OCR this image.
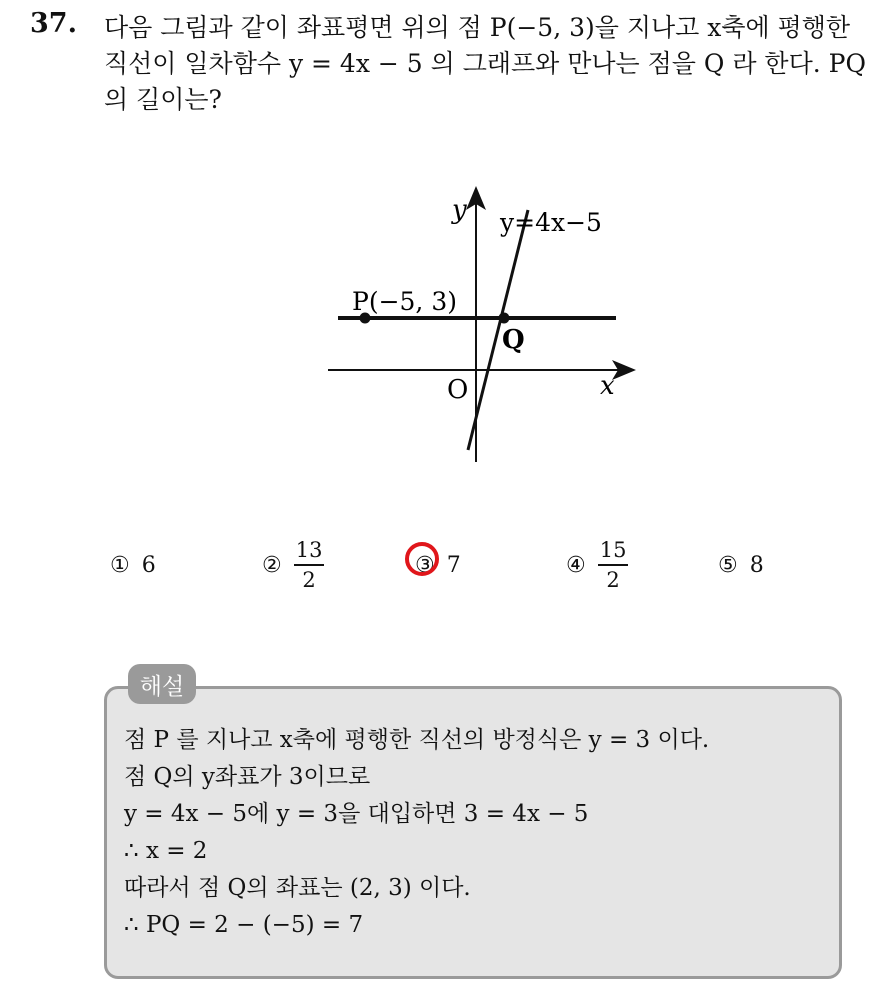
37. 다음 그림과 같이 좌표평면 위의 점 P(−5, 3)을 지나고 x축에 평행한
직선이 일차함수 y = 4x − 5 의 그래프와 만나는 점을 Q 라 한다. PQ
의 길이는?
y
x
O
y=4x−5
P(−5, 3)
Q
① 6	② $\frac{13}{2}$	③ 7	④ $\frac{15}{2}$	⑤ 8
해설
점 P 를 지나고 x축에 평행한 직선의 방정식은 y = 3 이다.
점 Q의 y좌표가 3이므로
y = 4x − 5에 y = 3을 대입하면 3 = 4x − 5
∴ x = 2
따라서 점 Q의 좌표는 (2, 3) 이다.
∴ PQ = 2 − (−5) = 7
